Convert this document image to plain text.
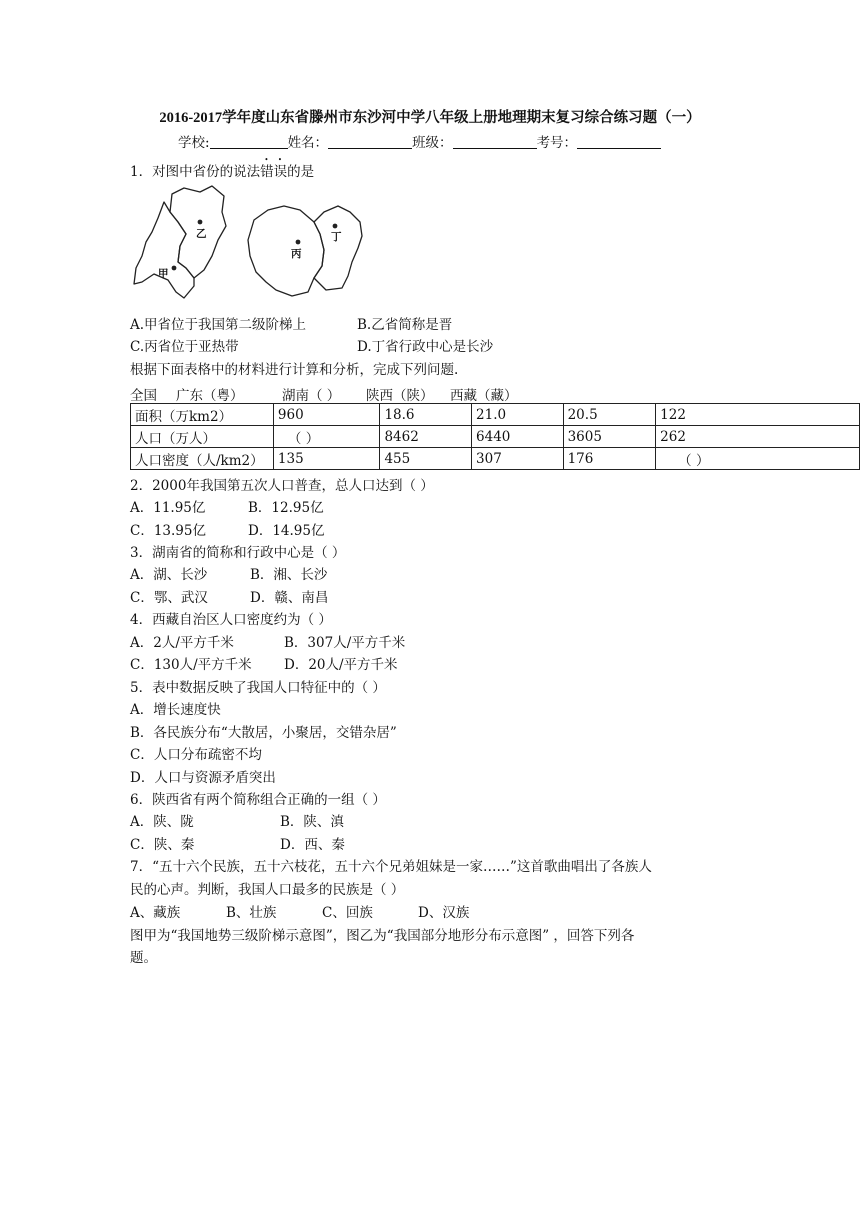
2016-2017学年度山东省滕州市东沙河中学八年级上册地理期末复习综合练习题（一）
学校:	姓名：	班级：	考号：
1．对图中省份的说法错误的是
乙
甲
丙
丁
A.甲省位于我国第二级阶梯上	B.乙省简称是晋
C.丙省位于亚热带	D.丁省行政中心是长沙
根据下面表格中的材料进行计算和分析，完成下列问题.
全国 广东（粤）	湖南（ ） 陕西（陕） 西藏（藏）
面积（万km2）	960	18.6	21.0	20.5	122
人口（万人）	（ ）	8462	6440	3605	262
人口密度（人/km2）	135	455	307	176	（ ）
2．2000年我国第五次人口普查，总人口达到（ ）
A．11.95亿	B．12.95亿
C．13.95亿	D．14.95亿
3．湖南省的简称和行政中心是（ ）
A．湖、长沙	B．湘、长沙
C．鄂、武汉	D．赣、南昌
4．西藏自治区人口密度约为（ ）
A．2人/平方千米	B．307人/平方千米
C．130人/平方千米 D．20人/平方千米
5．表中数据反映了我国人口特征中的（ ）
A．增长速度快
B．各民族分布“大散居，小聚居，交错杂居”
C．人口分布疏密不均
D．人口与资源矛盾突出
6．陕西省有两个简称组合正确的一组（ ）
A．陕、陇	B．陕、滇
C．陕、秦	D．西、秦
7．“五十六个民族，五十六枝花，五十六个兄弟姐妹是一家……”这首歌曲唱出了各族人
民的心声。判断，我国人口最多的民族是（ ）
A、藏族	B、壮族	C、回族	D、汉族
图甲为“我国地势三级阶梯示意图”，图乙为“我国部分地形分布示意图” ，回答下列各
题。
